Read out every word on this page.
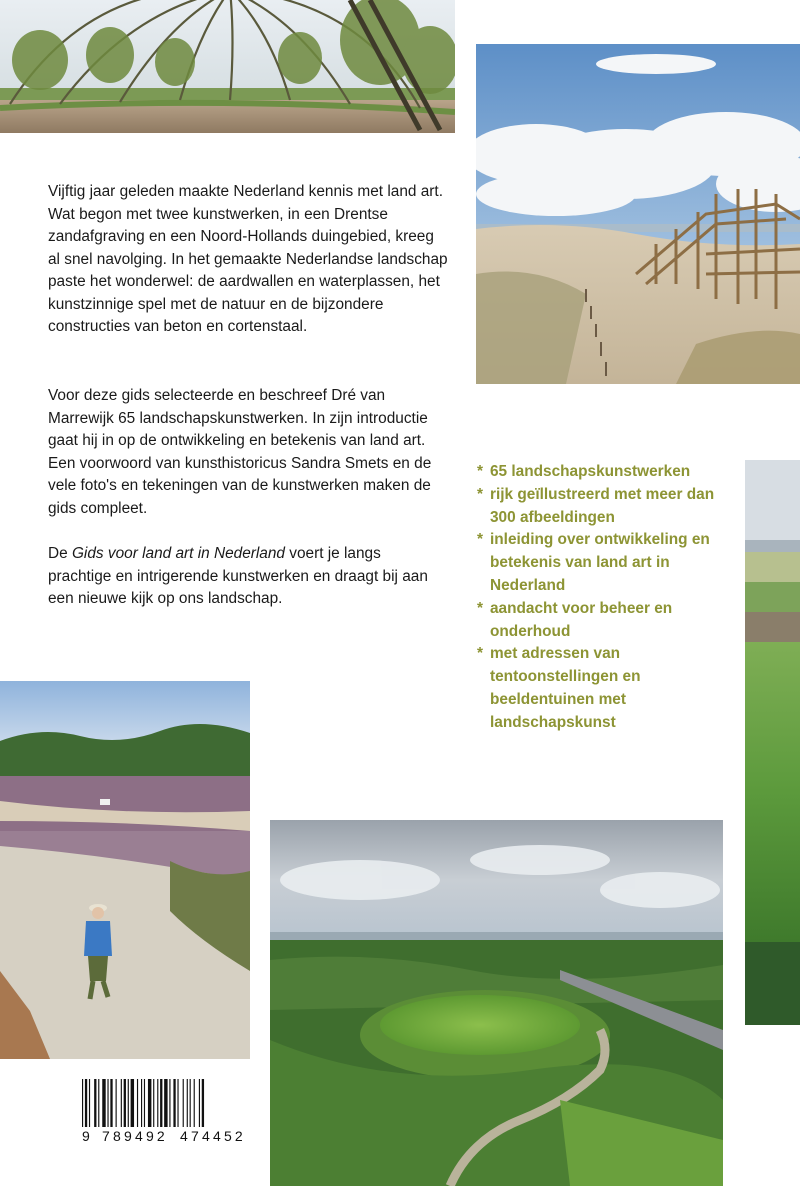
Vijftig jaar geleden maakte Nederland kennis met land art. Wat begon met twee kunstwerken, in een Drentse zandafgraving en een Noord-Hollands duingebied, kreeg al snel navolging. In het gemaakte Nederlandse landschap paste het wonderwel: de aardwallen en waterplassen, het kunstzinnige spel met de natuur en de bijzondere constructies van beton en cortenstaal.

Voor deze gids selecteerde en beschreef Dré van Marrewijk 65 landschapskunstwerken. In zijn introductie gaat hij in op de ontwikkeling en betekenis van land art. Een voorwoord van kunsthistoricus Sandra Smets en de vele foto's en tekeningen van de kunstwerken maken de gids compleet.

De Gids voor land art in Nederland voert je langs prachtige en intrigerende kunstwerken en draagt bij aan een nieuwe kijk op ons landschap.

* 65 landschapskunstwerken
* rijk geïllustreerd met meer dan 300 afbeeldingen
* inleiding over ontwikkeling en betekenis van land art in Nederland
* aandacht voor beheer en onderhoud
* met adressen van tentoonstellingen en beeldentuinen met landschapskunst
9 789492 474452
